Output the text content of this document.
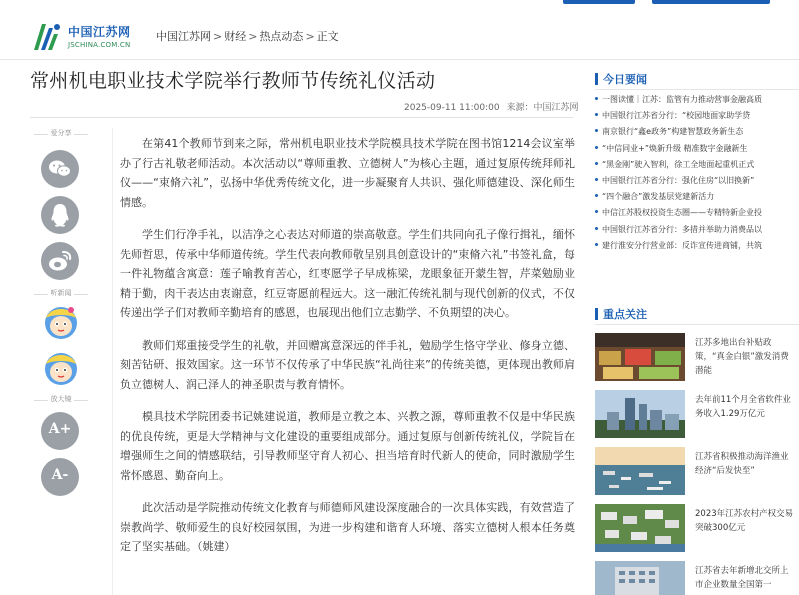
中国江苏网
JSCHINA.COM.CN
中国江苏网 > 财经 > 热点动态 > 正文
常州机电职业技术学院举行教师节传统礼仪活动
2025-09-11 11:00:00 来源：中国江苏网
爱分享
听新闻
放大镜
A+
A-

在第41个教师节到来之际，常州机电职业技术学院模具技术学院在图书馆1214会议室举办了行古礼敬老师活动。本次活动以“尊师重教、立德树人”为核心主题，通过复原传统拜师礼仪——“束脩六礼”，弘扬中华优秀传统文化，进一步凝聚育人共识、强化师德建设、深化师生情感。

学生们行净手礼，以洁净之心表达对师道的崇高敬意。学生们共同向孔子像行揖礼，缅怀先师哲思，传承中华师道传统。学生代表向教师敬呈别具创意设计的“束脩六礼”书签礼盒，每一件礼物蕴含寓意：莲子喻教育苦心，红枣愿学子早成栋梁，龙眼象征开蒙生智，芹菜勉励业精于勤，肉干表达由衷谢意，红豆寄愿前程远大。这一融汇传统礼制与现代创新的仪式，不仅传递出学子们对教师辛勤培育的感恩，也展现出他们立志勤学、不负期望的决心。

教师们郑重接受学生的礼敬，并回赠寓意深远的伴手礼，勉励学生恪守学业、修身立德、刻苦钻研、报效国家。这一环节不仅传承了中华民族“礼尚往来”的传统美德，更体现出教师肩负立德树人、润己泽人的神圣职责与教育情怀。

模具技术学院团委书记姚建说道，教师是立教之本、兴教之源，尊师重教不仅是中华民族的优良传统，更是大学精神与文化建设的重要组成部分。通过复原与创新传统礼仪，学院旨在增强师生之间的情感联结，引导教师坚守育人初心、担当培育时代新人的使命，同时激励学生常怀感恩、勤奋向上。

此次活动是学院推动传统文化教育与师德师风建设深度融合的一次具体实践，有效营造了崇教尚学、敬师爱生的良好校园氛围，为进一步构建和谐育人环境、落实立德树人根本任务奠定了坚实基础。（姚建）

今日要闻
一图读懂｜江苏：监管有力推动营事金融高质
中国银行江苏省分行：“校园地面家助学贷
南京银行“鑫e政务”构建智慧政务新生态
“中信同业+”焕新升级 精准数字金融新生
“黑金刚”驶入智利，徐工全地面起重机正式
中国银行江苏省分行：强化住房“以旧换新”
“四个融合”激发基层党建新活力
中信江苏股权投资生态圈——专精特新企业投
中国银行江苏省分行：多措并举助力消费品以
建行淮安分行营业部：反诈宣传进商铺，共筑
重点关注
江苏多地出台补贴政策，“真金白银”激发消费潜能
去年前11个月全省软件业务收入1.29万亿元
江苏省积极推动海洋渔业经济“后发快至”
2023年江苏农村产权交易突破300亿元
江苏省去年新增北交所上市企业数量全国第一
